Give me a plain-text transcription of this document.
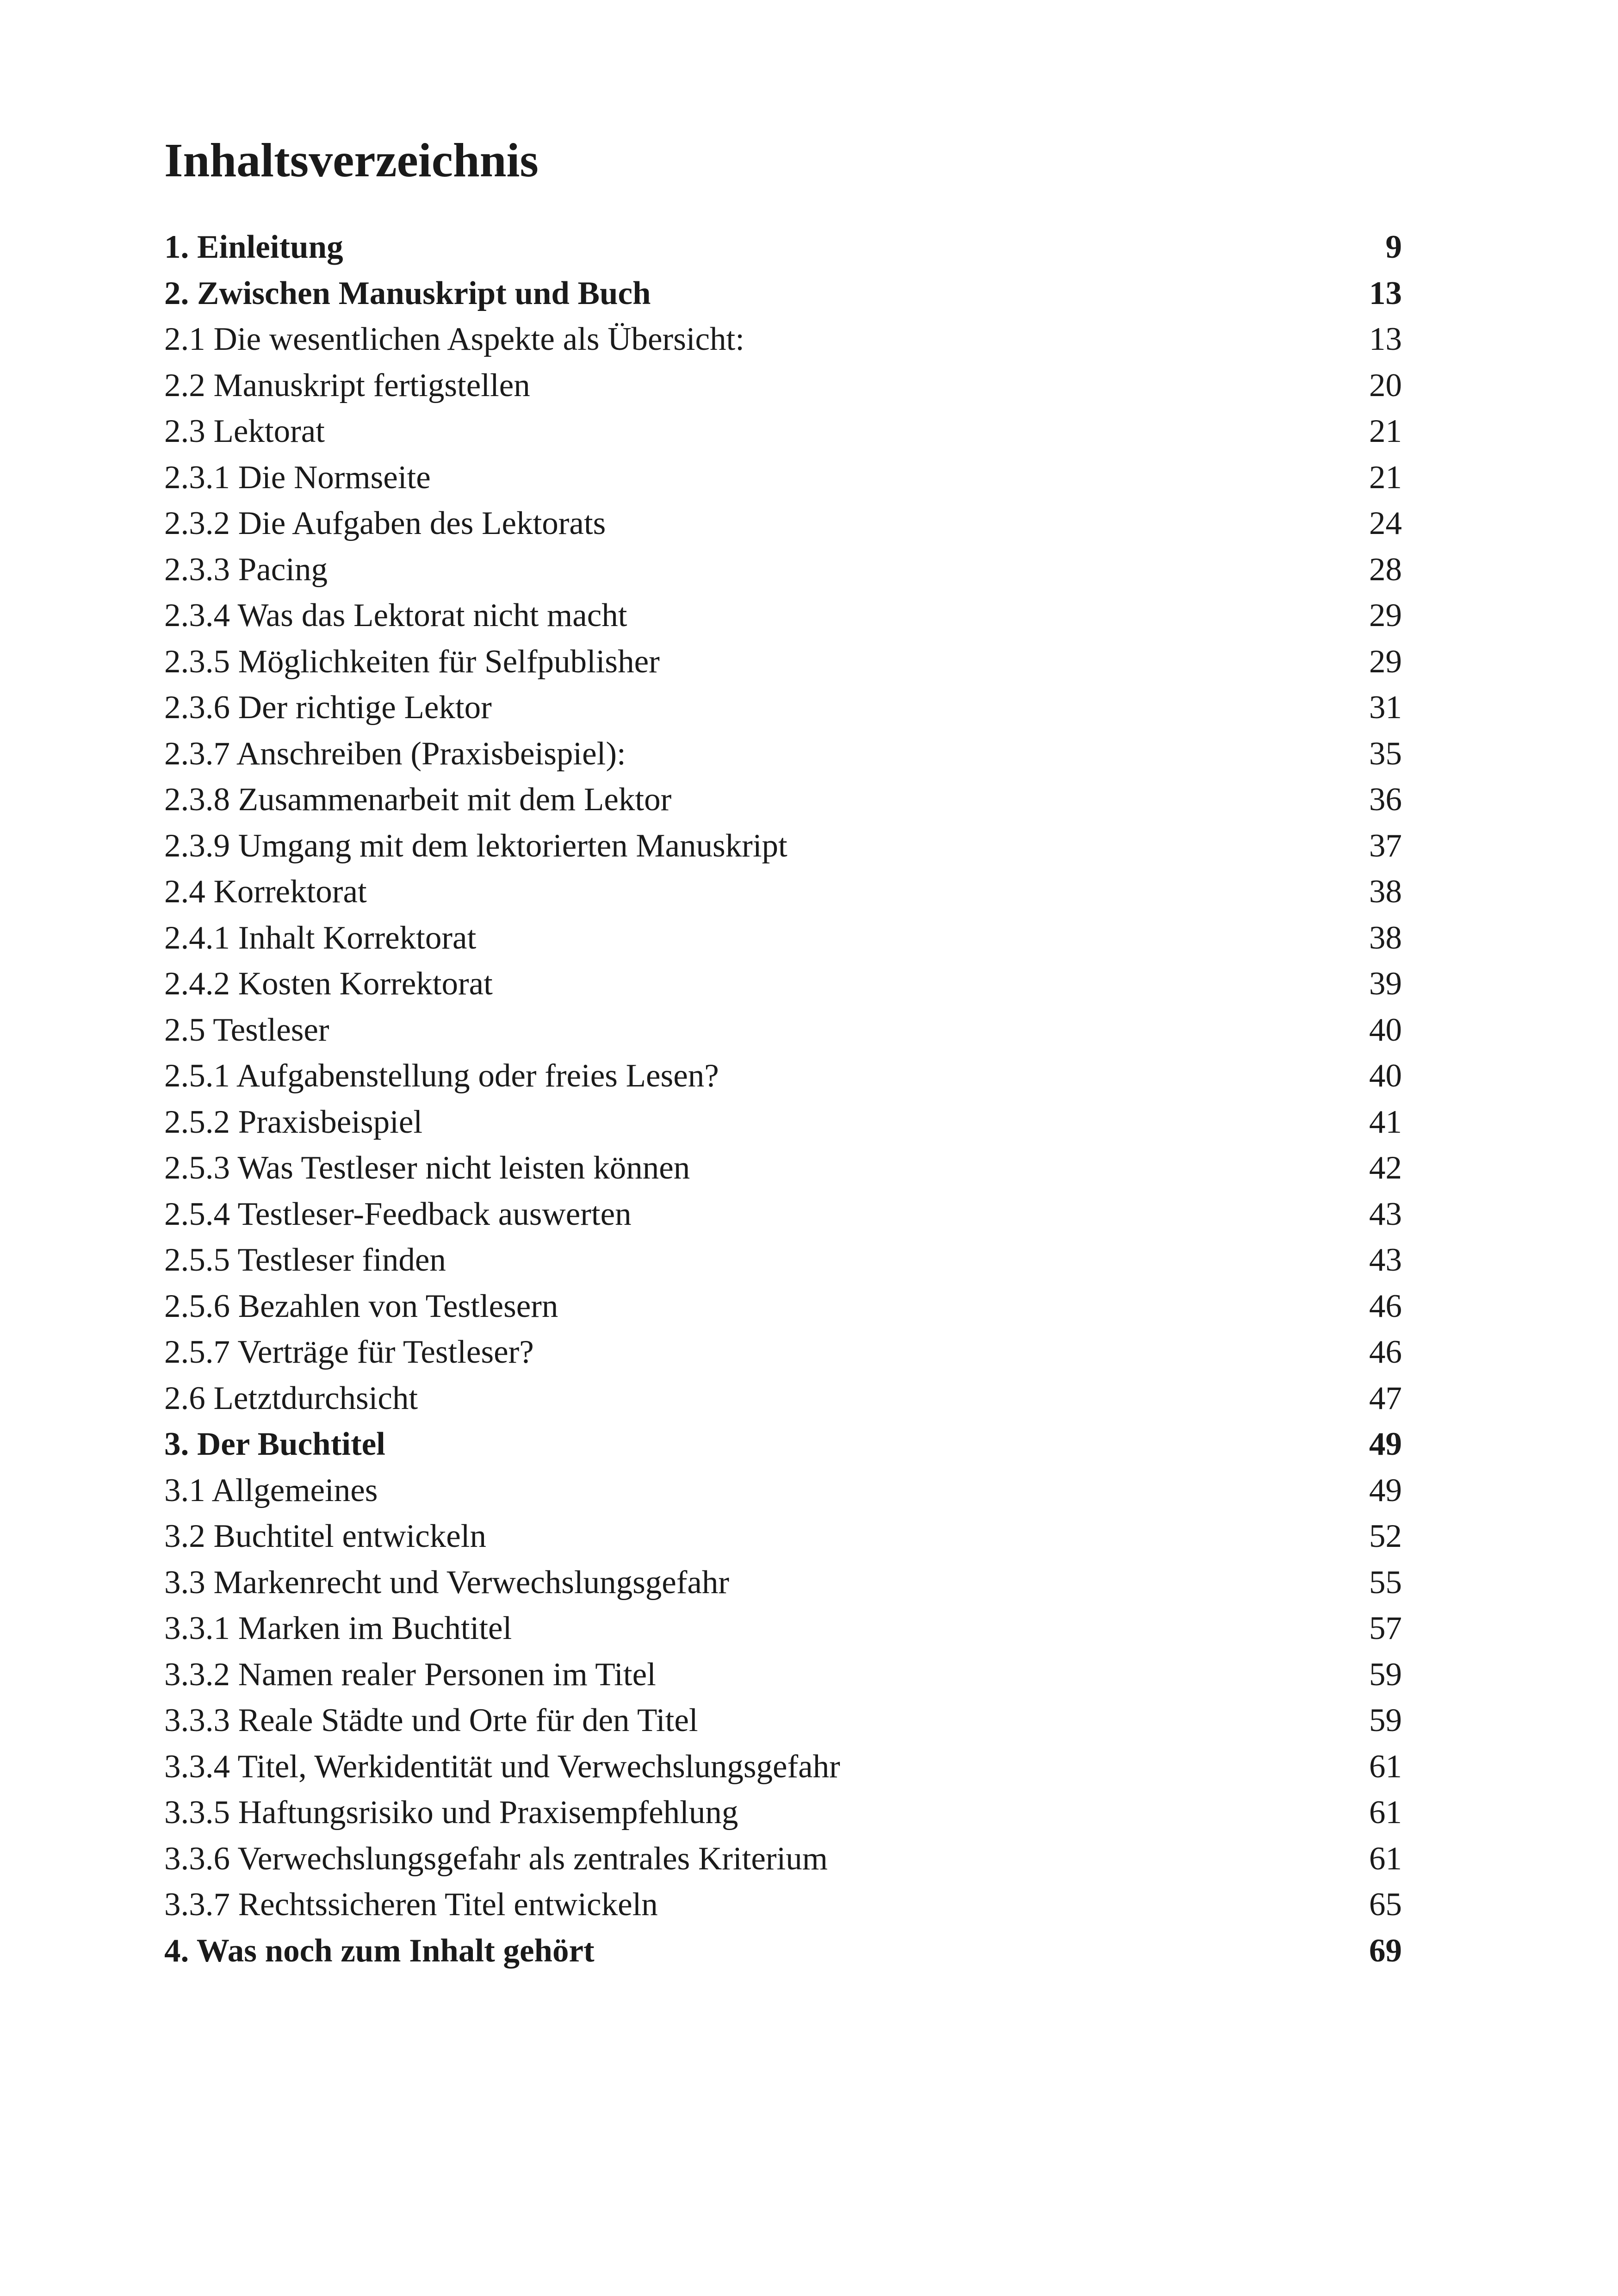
Inhaltsverzeichnis
1. Einleitung	9
2. Zwischen Manuskript und Buch	13
2.1 Die wesentlichen Aspekte als Übersicht:	13
2.2 Manuskript fertigstellen	20
2.3 Lektorat	21
2.3.1 Die Normseite	21
2.3.2 Die Aufgaben des Lektorats	24
2.3.3 Pacing	28
2.3.4 Was das Lektorat nicht macht	29
2.3.5 Möglichkeiten für Selfpublisher	29
2.3.6 Der richtige Lektor	31
2.3.7 Anschreiben (Praxisbeispiel):	35
2.3.8 Zusammenarbeit mit dem Lektor	36
2.3.9 Umgang mit dem lektorierten Manuskript	37
2.4 Korrektorat	38
2.4.1 Inhalt Korrektorat	38
2.4.2 Kosten Korrektorat	39
2.5 Testleser	40
2.5.1 Aufgabenstellung oder freies Lesen?	40
2.5.2 Praxisbeispiel	41
2.5.3 Was Testleser nicht leisten können	42
2.5.4 Testleser-Feedback auswerten	43
2.5.5 Testleser finden	43
2.5.6 Bezahlen von Testlesern	46
2.5.7 Verträge für Testleser?	46
2.6 Letztdurchsicht	47
3. Der Buchtitel	49
3.1 Allgemeines	49
3.2 Buchtitel entwickeln	52
3.3 Markenrecht und Verwechslungsgefahr	55
3.3.1 Marken im Buchtitel	57
3.3.2 Namen realer Personen im Titel	59
3.3.3 Reale Städte und Orte für den Titel	59
3.3.4 Titel, Werkidentität und Verwechslungsgefahr	61
3.3.5 Haftungsrisiko und Praxisempfehlung	61
3.3.6 Verwechslungsgefahr als zentrales Kriterium	61
3.3.7 Rechtssicheren Titel entwickeln	65
4. Was noch zum Inhalt gehört	69
